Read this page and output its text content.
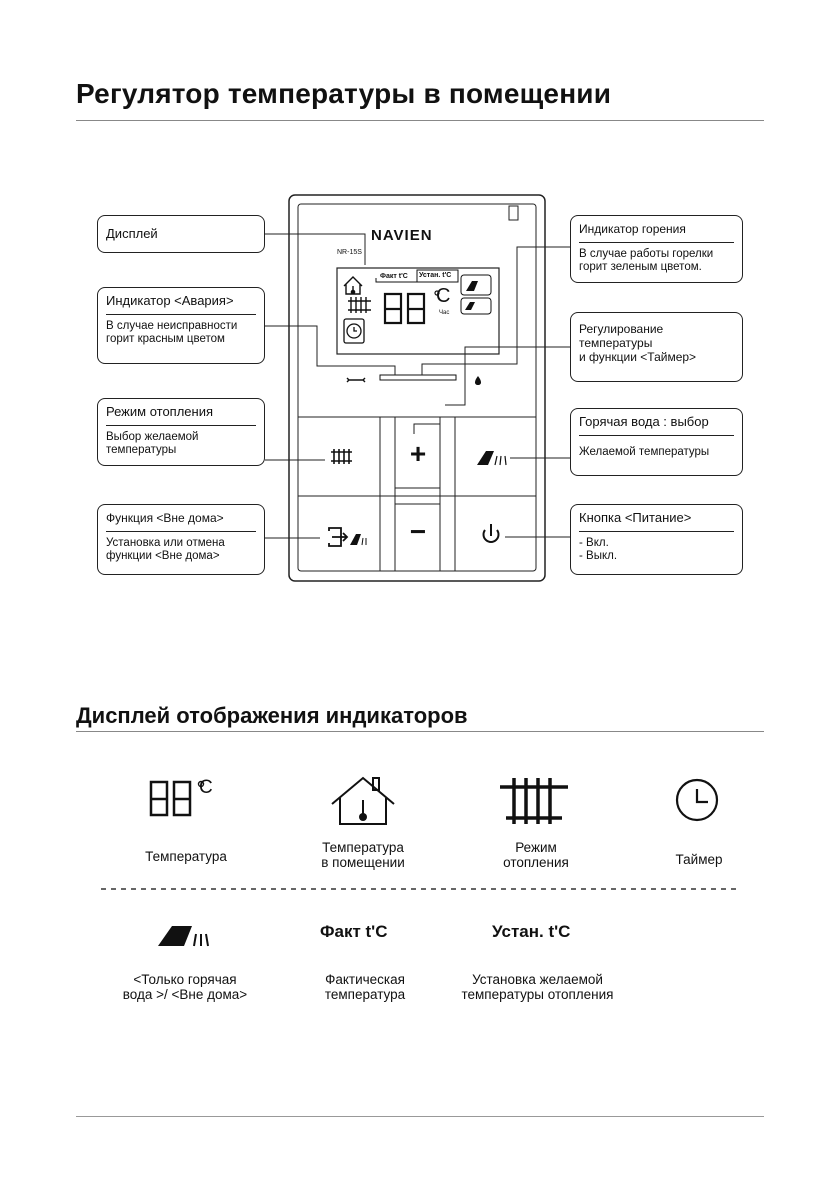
Регулятор температуры в помещении
NAVIEN
NR-15S
Факт t'C Устан. t'C
C
Час
+
−
Дисплей
Индикатор <Авария>
В случае неисправности
горит красным цветом
Режим отопления
Выбор желаемой
температуры
Функция <Вне дома>
Установка или отмена
функции <Вне дома>
Индикатор горения
В случае работы горелки
горит зеленым цветом.
Регулирование
температуры
и функции <Таймер>
Горячая вода : выбор
Желаемой температуры
Кнопка <Питание>
- Вкл.
- Выкл.
Дисплей отображения индикаторов
C
Факт t'C	Устан. t'C
Температура
Температура
в помещении
Режим
отопления	Таймер
<Только горячая
вода >/ <Вне дома>
Фактическая
температура
Установка желаемой
температуры отопления
